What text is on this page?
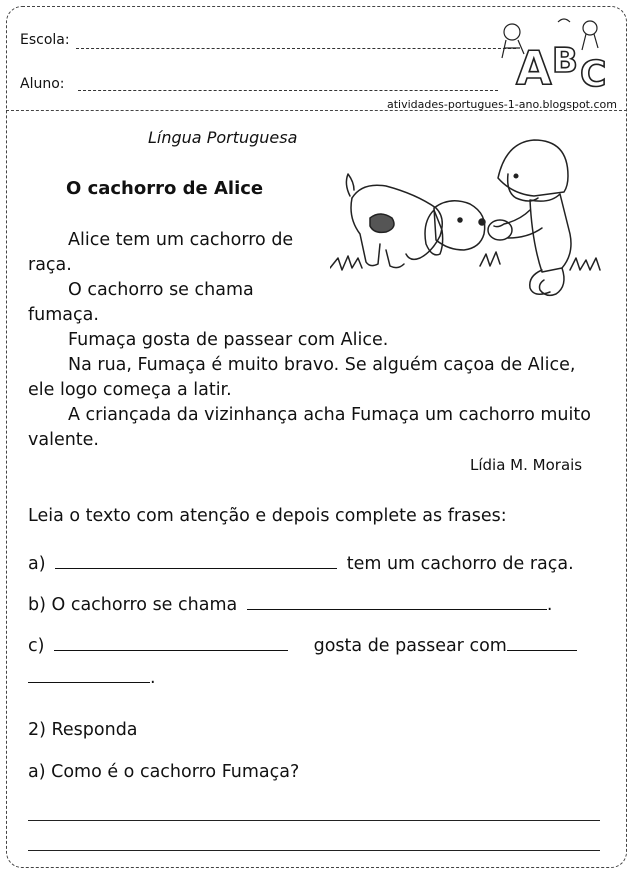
Escola:
Aluno:
atividades-portugues-1-ano.blogspot.com
A B C
Língua Portuguesa
O cachorro de Alice
Alice tem um cachorro de
raça.
O cachorro se chama
fumaça.
Fumaça gosta de passear com Alice.
Na rua, Fumaça é muito bravo. Se alguém caçoa de Alice, ele logo começa a latir.
A criançada da vizinhança acha Fumaça um cachorro muito valente.
Lídia M. Morais
Leia o texto com atenção e depois complete as frases:
a)	tem um cachorro de raça.
b) O cachorro se chama	.
c)	gosta de passear com
.
2) Responda
a) Como é o cachorro Fumaça?
